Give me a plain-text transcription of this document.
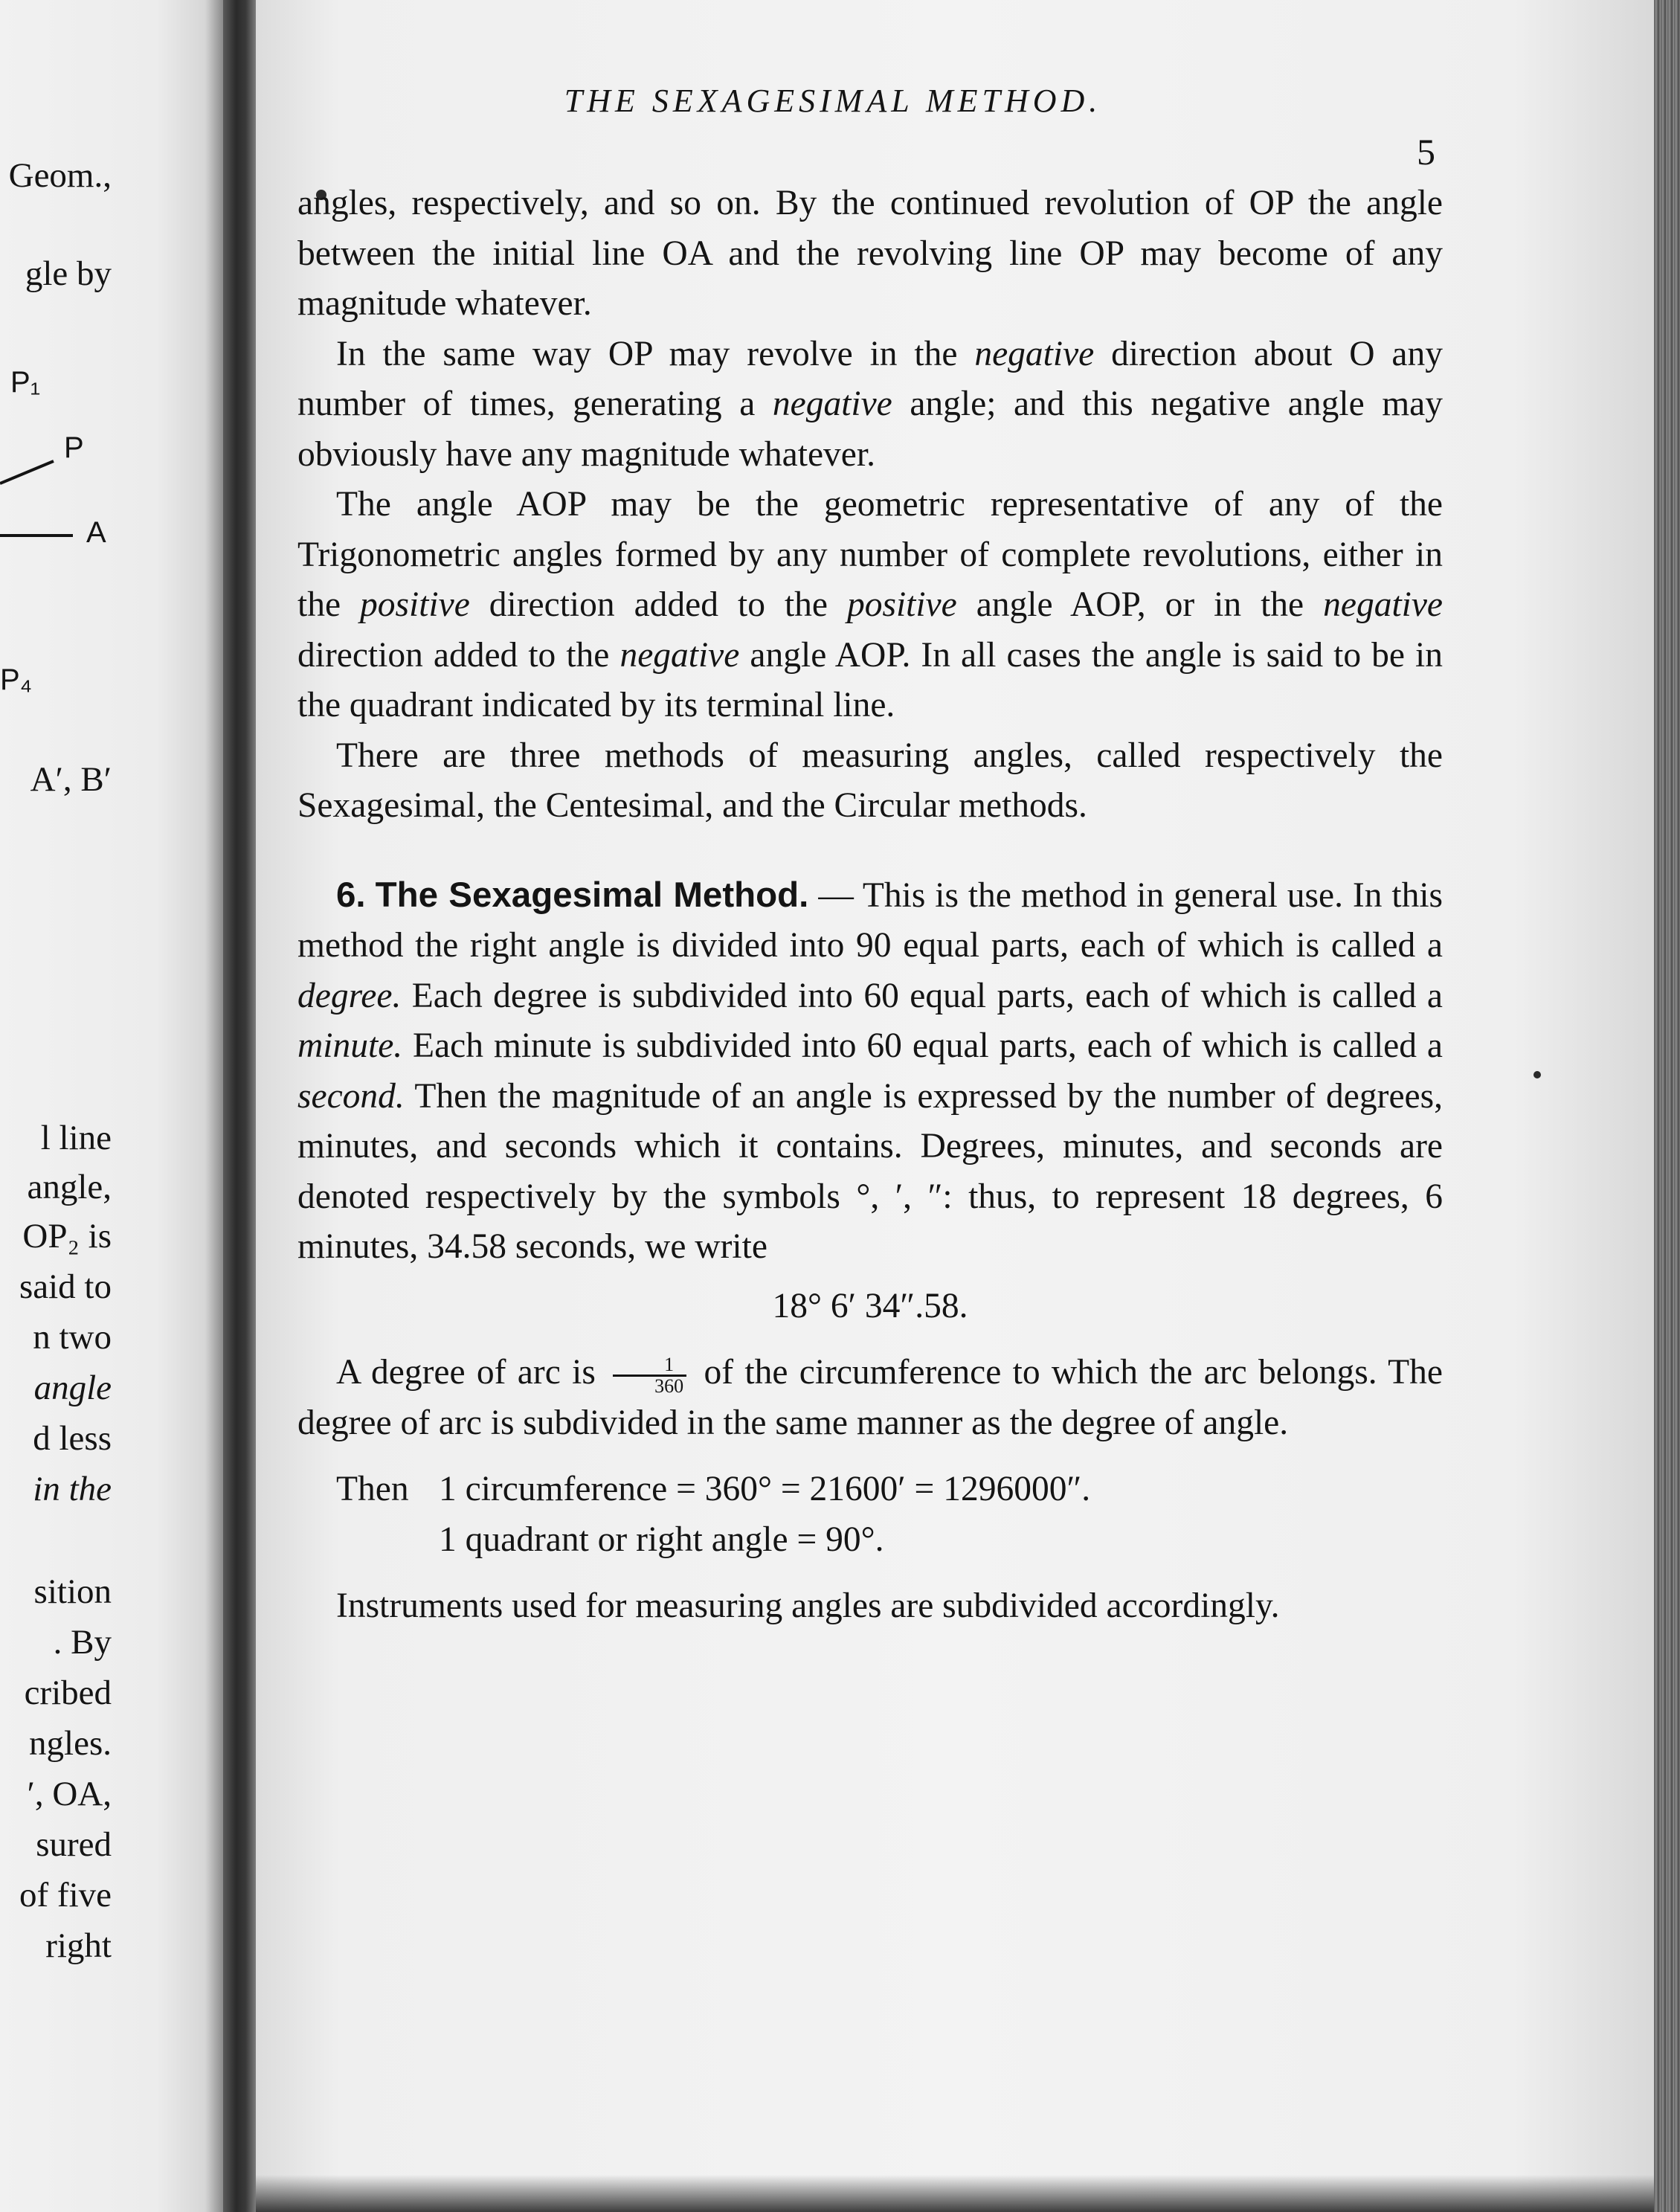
Geom.,
gle by
P₁
P
A
P₄
A′, B′
l line
angle,
OP₂ is
said to
n two
angle
d less
in the
sition
. By
cribed
ngles.
′, OA,
sured
of five
right
THE SEXAGESIMAL METHOD.
5

angles, respectively, and so on. By the continued revolution of OP the angle between the initial line OA and the revolving line OP may become of any magnitude whatever.

In the same way OP may revolve in the negative direction about O any number of times, generating a negative angle; and this negative angle may obviously have any magnitude whatever.

The angle AOP may be the geometric representative of any of the Trigonometric angles formed by any number of complete revolutions, either in the positive direction added to the positive angle AOP, or in the negative direction added to the negative angle AOP. In all cases the angle is said to be in the quadrant indicated by its terminal line.

There are three methods of measuring angles, called respectively the Sexagesimal, the Centesimal, and the Circular methods.

6. The Sexagesimal Method. — This is the method in general use. In this method the right angle is divided into 90 equal parts, each of which is called a degree. Each degree is subdivided into 60 equal parts, each of which is called a minute. Each minute is subdivided into 60 equal parts, each of which is called a second. Then the magnitude of an angle is expressed by the number of degrees, minutes, and seconds which it contains. Degrees, minutes, and seconds are denoted respectively by the symbols °, ′, ″: thus, to represent 18 degrees, 6 minutes, 34.58 seconds, we write

18° 6′ 34″.58.

A degree of arc is $\frac{1}{360}$ of the circumference to which the arc belongs. The degree of arc is subdivided in the same manner as the degree of angle.

Then 1 circumference = 360° = 21600′ = 1296000″.
1 quadrant or right angle = 90°.

Instruments used for measuring angles are subdivided accordingly.
